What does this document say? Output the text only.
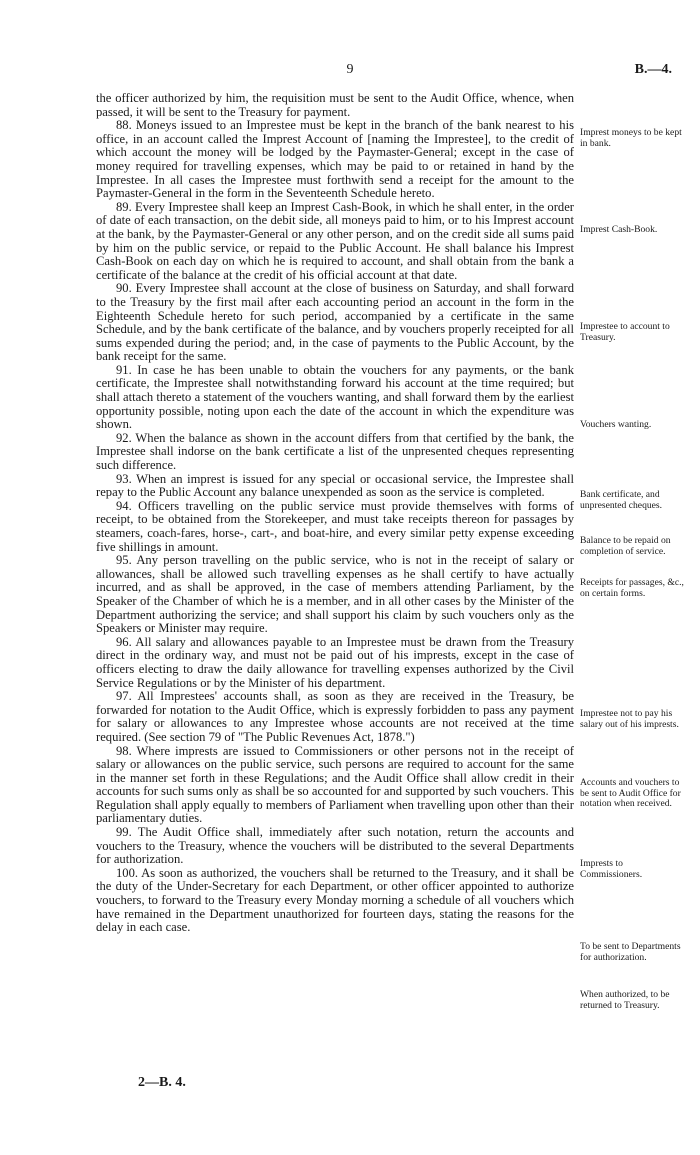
9	B.—4.

the officer authorized by him, the requisition must be sent to the Audit Office, whence, when passed, it will be sent to the Treasury for payment.

88. Moneys issued to an Imprestee must be kept in the branch of the bank nearest to his office, in an account called the Imprest Account of [naming the Imprestee], to the credit of which account the money will be lodged by the Paymaster-General; except in the case of money required for travelling expenses, which may be paid to or retained in hand by the Imprestee. In all cases the Imprestee must forthwith send a receipt for the amount to the Paymaster-General in the form in the Seventeenth Schedule hereto.

89. Every Imprestee shall keep an Imprest Cash-Book, in which he shall enter, in the order of date of each transaction, on the debit side, all moneys paid to him, or to his Imprest account at the bank, by the Paymaster-General or any other person, and on the credit side all sums paid by him on the public service, or repaid to the Public Account. He shall balance his Imprest Cash-Book on each day on which he is required to account, and shall obtain from the bank a certificate of the balance at the credit of his official account at that date.

90. Every Imprestee shall account at the close of business on Saturday, and shall forward to the Treasury by the first mail after each accounting period an account in the form in the Eighteenth Schedule hereto for such period, accompanied by a certificate in the same Schedule, and by the bank certificate of the balance, and by vouchers properly receipted for all sums expended during the period; and, in the case of payments to the Public Account, by the bank receipt for the same.

91. In case he has been unable to obtain the vouchers for any payments, or the bank certificate, the Imprestee shall notwithstanding forward his account at the time required; but shall attach thereto a statement of the vouchers wanting, and shall forward them by the earliest opportunity possible, noting upon each the date of the account in which the expenditure was shown.

92. When the balance as shown in the account differs from that certified by the bank, the Imprestee shall indorse on the bank certificate a list of the unpresented cheques representing such difference.

93. When an imprest is issued for any special or occasional service, the Imprestee shall repay to the Public Account any balance unexpended as soon as the service is completed.

94. Officers travelling on the public service must provide themselves with forms of receipt, to be obtained from the Storekeeper, and must take receipts thereon for passages by steamers, coach-fares, horse-, cart-, and boat-hire, and every similar petty expense exceeding five shillings in amount.

95. Any person travelling on the public service, who is not in the receipt of salary or allowances, shall be allowed such travelling expenses as he shall certify to have actually incurred, and as shall be approved, in the case of members attending Parliament, by the Speaker of the Chamber of which he is a member, and in all other cases by the Minister of the Department authorizing the service; and shall support his claim by such vouchers only as the Speakers or Minister may require.

96. All salary and allowances payable to an Imprestee must be drawn from the Treasury direct in the ordinary way, and must not be paid out of his imprests, except in the case of officers electing to draw the daily allowance for travelling expenses authorized by the Civil Service Regulations or by the Minister of his department.

97. All Imprestees' accounts shall, as soon as they are received in the Treasury, be forwarded for notation to the Audit Office, which is expressly forbidden to pass any payment for salary or allowances to any Imprestee whose accounts are not received at the time required. (See section 79 of "The Public Revenues Act, 1878.")

98. Where imprests are issued to Commissioners or other persons not in the receipt of salary or allowances on the public service, such persons are required to account for the same in the manner set forth in these Regulations; and the Audit Office shall allow credit in their accounts for such sums only as shall be so accounted for and supported by such vouchers. This Regulation shall apply equally to members of Parliament when travelling upon other than their parliamentary duties.

99. The Audit Office shall, immediately after such notation, return the accounts and vouchers to the Treasury, whence the vouchers will be distributed to the several Departments for authorization.

100. As soon as authorized, the vouchers shall be returned to the Treasury, and it shall be the duty of the Under-Secretary for each Department, or other officer appointed to authorize vouchers, to forward to the Treasury every Monday morning a schedule of all vouchers which have remained in the Department unauthorized for fourteen days, stating the reasons for the delay in each case.

Imprest moneys to be kept in bank.
Imprest Cash-Book.
Imprestee to account to Treasury.
Vouchers wanting.
Bank certificate, and unpresented cheques.
Balance to be repaid on completion of service.
Receipts for passages, &c., on certain forms.
Imprestee not to pay his salary out of his imprests.
Accounts and vouchers to be sent to Audit Office for notation when received.
Imprests to Commissioners.
To be sent to Departments for authorization.
When authorized, to be returned to Treasury.
2—B. 4.
